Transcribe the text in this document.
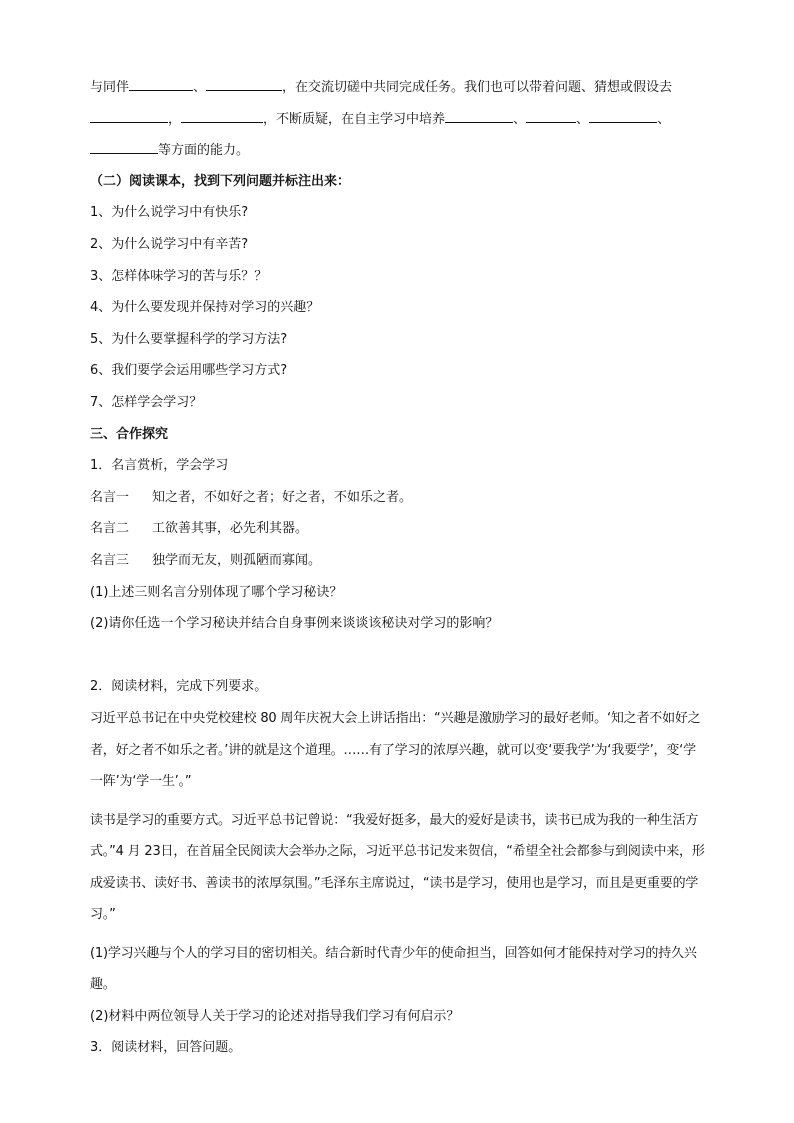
与同伴	、	，在交流切磋中共同完成任务。我们也可以带着问题、猜想或假设去
，	，不断质疑，在自主学习中培养	、	、	、
等方面的能力。
（二）阅读课本，找到下列问题并标注出来：
1、为什么说学习中有快乐?
2、为什么说学习中有辛苦?
3、怎样体味学习的苦与乐？？
4、为什么要发现并保持对学习的兴趣？
5、为什么要掌握科学的学习方法?
6、我们要学会运用哪些学习方式?
7、怎样学会学习？
三、合作探究
1．名言赏析，学会学习
名言一 知之者，不如好之者；好之者，不如乐之者。
名言二 工欲善其事，必先利其器。
名言三 独学而无友，则孤陋而寡闻。
(1)上述三则名言分别体现了哪个学习秘诀？
(2)请你任选一个学习秘诀并结合自身事例来谈谈该秘诀对学习的影响？
2．阅读材料，完成下列要求。
习近平总书记在中央党校建校 80 周年庆祝大会上讲话指出：“兴趣是激励学习的最好老师。‘知之者不如好之者，好之者不如乐之者。’讲的就是这个道理。……有了学习的浓厚兴趣，就可以变‘要我学’为‘我要学’，变‘学一阵’为‘学一生’。”
读书是学习的重要方式。习近平总书记曾说：“我爱好挺多，最大的爱好是读书，读书已成为我的一种生活方式。”4 月 23日，在首届全民阅读大会举办之际，习近平总书记发来贺信，“希望全社会都参与到阅读中来，形成爱读书、读好书、善读书的浓厚氛围。”毛泽东主席说过，“读书是学习，使用也是学习，而且是更重要的学习。”
(1)学习兴趣与个人的学习目的密切相关。结合新时代青少年的使命担当，回答如何才能保持对学习的持久兴趣。
(2)材料中两位领导人关于学习的论述对指导我们学习有何启示？
3．阅读材料，回答问题。
